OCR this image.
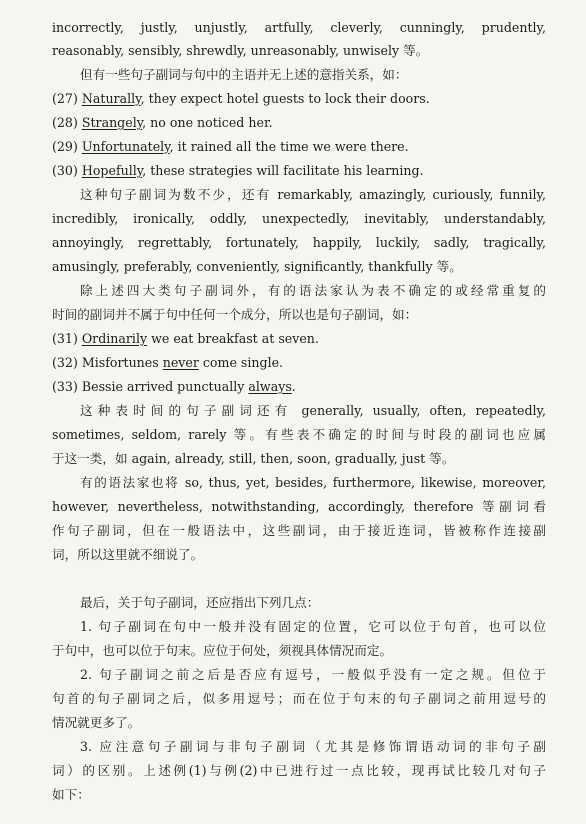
incorrectly, justly, unjustly, artfully, cleverly, cunningly, prudently,
reasonably, sensibly, shrewdly, unreasonably, unwisely 等。
但有一些句子副词与句中的主语并无上述的意指关系，如：
(27) Naturally, they expect hotel guests to lock their doors.
(28) Strangely, no one noticed her.
(29) Unfortunately, it rained all the time we were there.
(30) Hopefully, these strategies will facilitate his learning.
这种句子副词为数不少，还有 remarkably, amazingly, curiously, funnily,
incredibly, ironically, oddly, unexpectedly, inevitably, understandably,
annoyingly, regrettably, fortunately, happily, luckily, sadly, tragically,
amusingly, preferably, conveniently, significantly, thankfully 等。
除上述四大类句子副词外，有的语法家认为表不确定的或经常重复的
时间的副词并不属于句中任何一个成分，所以也是句子副词，如：
(31) Ordinarily we eat breakfast at seven.
(32) Misfortunes never come single.
(33) Bessie arrived punctually always.
这种表时间的句子副词还有 generally, usually, often, repeatedly,
sometimes, seldom, rarely 等。有些表不确定的时间与时段的副词也应属
于这一类，如 again, already, still, then, soon, gradually, just 等。
有的语法家也将 so, thus, yet, besides, furthermore, likewise, moreover,
however, nevertheless, notwithstanding, accordingly, therefore 等副词看
作句子副词，但在一般语法中，这些副词，由于接近连词，皆被称作连接副
词，所以这里就不细说了。
最后，关于句子副词，还应指出下列几点：
1. 句子副词在句中一般并没有固定的位置，它可以位于句首，也可以位
于句中，也可以位于句末。应位于何处，须视具体情况而定。
2. 句子副词之前之后是否应有逗号，一般似乎没有一定之规。但位于
句首的句子副词之后，似多用逗号；而在位于句末的句子副词之前用逗号的
情况就更多了。
3. 应注意句子副词与非句子副词（尤其是修饰谓语动词的非句子副
词）的区别。上述例(1)与例(2)中已进行过一点比较，现再试比较几对句子
如下：
